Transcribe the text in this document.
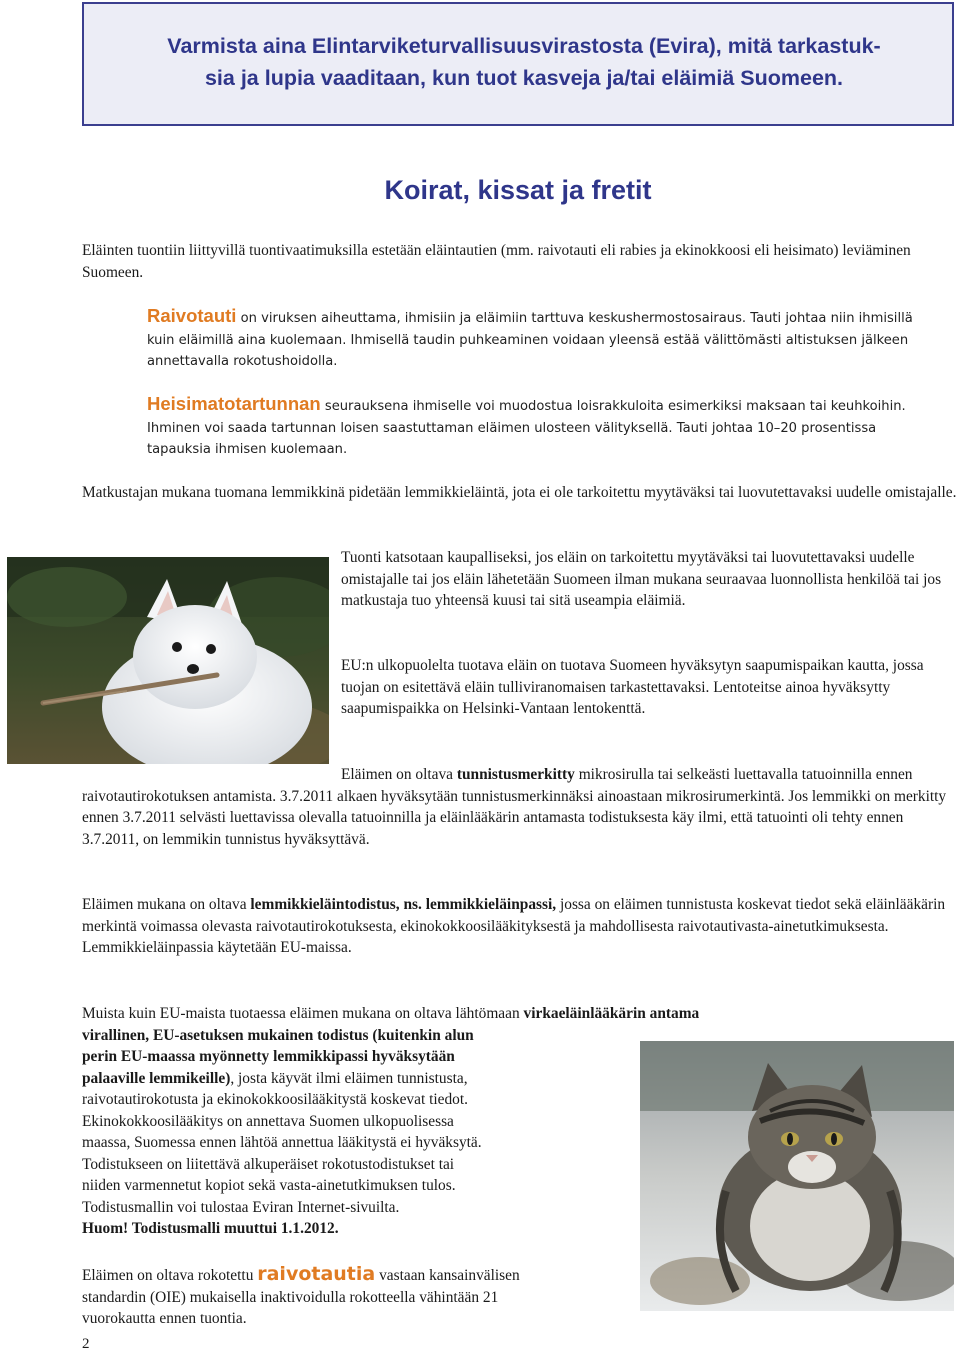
Varmista aina Elintarviketurvallisuusvirastosta (Evira), mitä tarkastuk-
sia ja lupia vaaditaan, kun tuot kasveja ja/tai eläimiä Suomeen.
Koirat, kissat ja fretit

Eläinten tuontiin liittyvillä tuontivaatimuksilla estetään eläintautien (mm. raivotauti eli rabies ja ekinokkoosi eli heisimato) leviäminen Suomeen.

Raivotauti on viruksen aiheuttama, ihmisiin ja eläimiin tarttuva keskushermostosairaus. Tauti johtaa niin ihmisillä kuin eläimillä aina kuolemaan. Ihmisellä taudin puhkeaminen voidaan yleensä estää välittömästi altistuksen jälkeen annettavalla rokotushoidolla.

Heisimatotartunnan seurauksena ihmiselle voi muodostua loisrakkuloita esimerkiksi maksaan tai keuhkoihin. Ihminen voi saada tartunnan loisen saastuttaman eläimen ulosteen välityksellä. Tauti johtaa 10–20 prosentissa tapauksia ihmisen kuolemaan.

Matkustajan mukana tuomana lemmikkinä pidetään lemmikkieläintä, jota ei ole tarkoitettu myytäväksi tai luovutettavaksi uudelle omistajalle.

Tuonti katsotaan kaupalliseksi, jos eläin on tarkoitettu myytäväksi tai luovutettavaksi uudelle omistajalle tai jos eläin lähetetään Suomeen ilman mukana seuraavaa luonnollista henkilöä tai jos matkustaja tuo yhteensä kuusi tai sitä useampia eläimiä.

EU:n ulkopuolelta tuotava eläin on tuotava Suomeen hyväksytyn saapumispaikan kautta, jossa tuojan on esitettävä eläin tulliviranomaisen tarkastettavaksi. Lentoteitse ainoa hyväksytty saapumispaikka on Helsinki-Vantaan lentokenttä.

Eläimen on oltava tunnistusmerkitty mikrosirulla tai selkeästi luettavalla tatuoinnilla ennen raivotautirokotuksen antamista. 3.7.2011 alkaen hyväksytään tunnistusmerkinnäksi ainoastaan mikrosirumerkintä. Jos lemmikki on merkitty ennen 3.7.2011 selvästi luettavissa olevalla tatuoinnilla ja eläinlääkärin antamasta todistuksesta käy ilmi, että tatuointi oli tehty ennen 3.7.2011, on lemmikin tunnistus hyväksyttävä.

Eläimen mukana on oltava lemmikkieläintodistus, ns. lemmikkieläinpassi, jossa on eläimen tunnistusta koskevat tiedot sekä eläinlääkärin merkintä voimassa olevasta raivotautirokotuksesta, ekinokokkoosilääkityksestä ja mahdollisesta raivotautivasta-ainetutkimuksesta. Lemmikkieläinpassia käytetään EU-maissa.

Muista kuin EU-maista tuotaessa eläimen mukana on oltava lähtömaan virkaeläinlääkärin antama
virallinen, EU-asetuksen mukainen todistus (kuitenkin alun
perin EU-maassa myönnetty lemmikkipassi hyväksytään
palaaville lemmikeille), josta käyvät ilmi eläimen tunnistusta,
raivotautirokotusta ja ekinokokkoosilääkitystä koskevat tiedot.
Ekinokokkoosilääkitys on annettava Suomen ulkopuolisessa
maassa, Suomessa ennen lähtöä annettua lääkitystä ei hyväksytä.
Todistukseen on liitettävä alkuperäiset rokotustodistukset tai
niiden varmennetut kopiot sekä vasta-ainetutkimuksen tulos.
Todistusmallin voi tulostaa Eviran Internet-sivuilta.
Huom! Todistusmalli muuttui 1.1.2012.
Eläimen on oltava rokotettu raivotautia vastaan kansainvälisen
standardin (OIE) mukaisella inaktivoidulla rokotteella vähintään 21
vuorokautta ennen tuontia.
2
